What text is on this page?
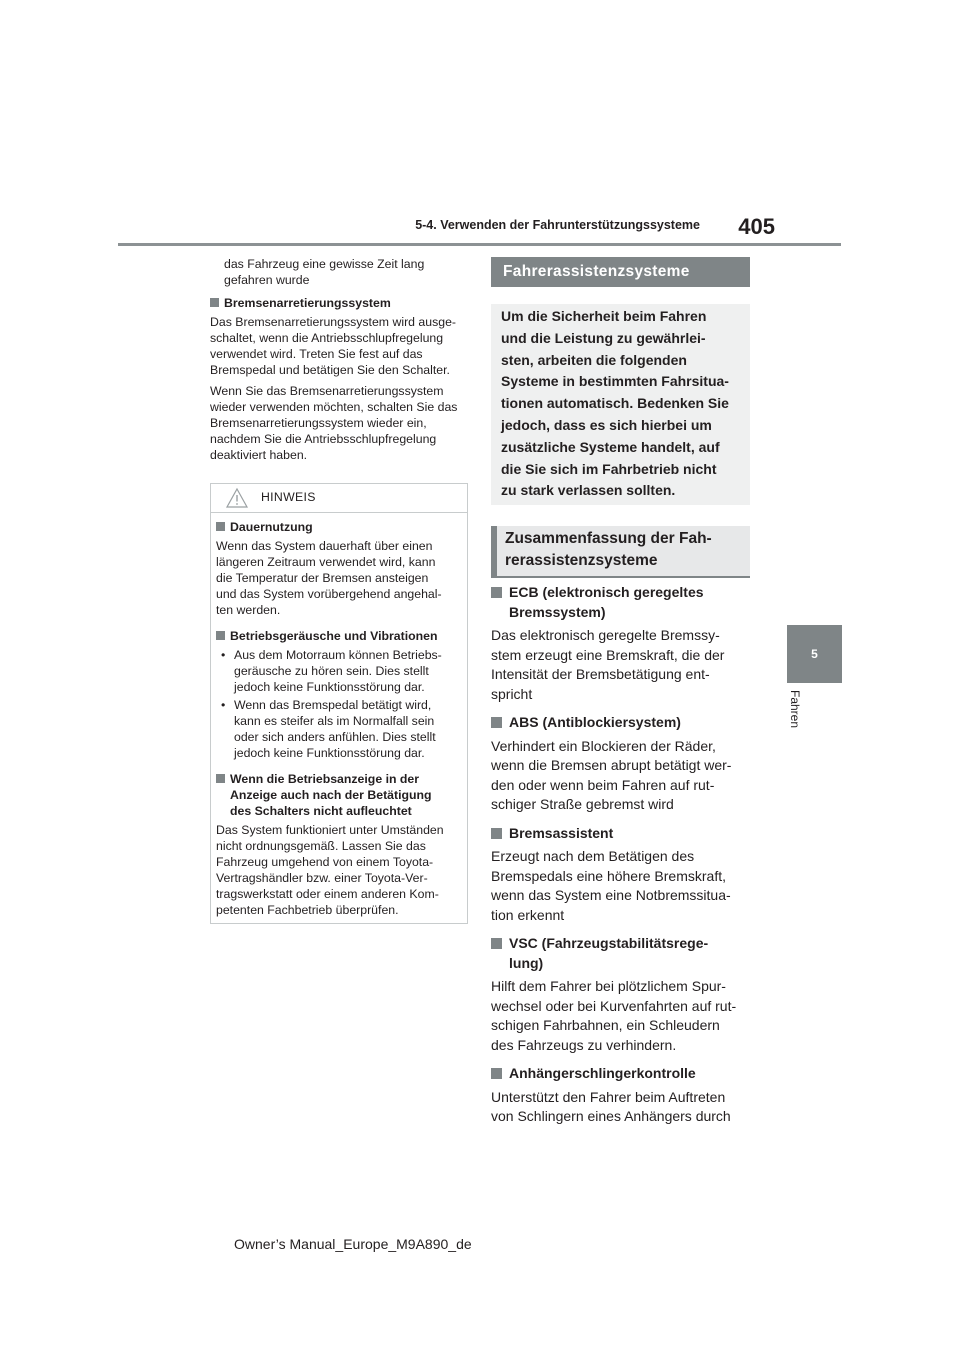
5-4. Verwenden der Fahrunterstützungssysteme	405
5
Fahren

das Fahrzeug eine gewisse Zeit lang

gefahren wurde

Bremsenarretierungssystem

Das Bremsenarretierungssystem wird ausge-

schaltet, wenn die Antriebsschlupfregelung

verwendet wird. Treten Sie fest auf das

Bremspedal und betätigen Sie den Schalter.

Wenn Sie das Bremsenarretierungssystem

wieder verwenden möchten, schalten Sie das

Bremsenarretierungssystem wieder ein,

nachdem Sie die Antriebsschlupfregelung

deaktiviert haben.

HINWEIS

Dauernutzung

Wenn das System dauerhaft über einen

längeren Zeitraum verwendet wird, kann

die Temperatur der Bremsen ansteigen

und das System vorübergehend angehal-

ten werden.

Betriebsgeräusche und Vibrationen

• Aus dem Motorraum können Betriebs-

geräusche zu hören sein. Dies stellt

jedoch keine Funktionsstörung dar.

• Wenn das Bremspedal betätigt wird,

kann es steifer als im Normalfall sein

oder sich anders anfühlen. Dies stellt

jedoch keine Funktionsstörung dar.

Wenn die Betriebsanzeige in der

Anzeige auch nach der Betätigung

des Schalters nicht aufleuchtet

Das System funktioniert unter Umständen

nicht ordnungsgemäß. Lassen Sie das

Fahrzeug umgehend von einem Toyota-

Vertragshändler bzw. einer Toyota-Ver-

tragswerkstatt oder einem anderen Kom-

petenten Fachbetrieb überprüfen.

Fahrerassistenzsysteme
Um die Sicherheit beim Fahren
und die Leistung zu gewährlei-
sten, arbeiten die folgenden
Systeme in bestimmten Fahrsitua-
tionen automatisch. Bedenken Sie
jedoch, dass es sich hierbei um
zusätzliche Systeme handelt, auf
die Sie sich im Fahrbetrieb nicht
zu stark verlassen sollten.
Zusammenfassung der Fah-
rerassistenzsysteme

ECB (elektronisch geregeltes

Bremssystem)

Das elektronisch geregelte Bremssy-

stem erzeugt eine Bremskraft, die der

Intensität der Bremsbetätigung ent-

spricht

ABS (Antiblockiersystem)

Verhindert ein Blockieren der Räder,

wenn die Bremsen abrupt betätigt wer-

den oder wenn beim Fahren auf rut-

schiger Straße gebremst wird

Bremsassistent

Erzeugt nach dem Betätigen des

Bremspedals eine höhere Bremskraft,

wenn das System eine Notbremssitua-

tion erkennt

VSC (Fahrzeugstabilitätsrege-

lung)

Hilft dem Fahrer bei plötzlichem Spur-

wechsel oder bei Kurvenfahrten auf rut-

schigen Fahrbahnen, ein Schleudern

des Fahrzeugs zu verhindern.

Anhängerschlingerkontrolle

Unterstützt den Fahrer beim Auftreten

von Schlingern eines Anhängers durch

Owner’s Manual_Europe_M9A890_de
